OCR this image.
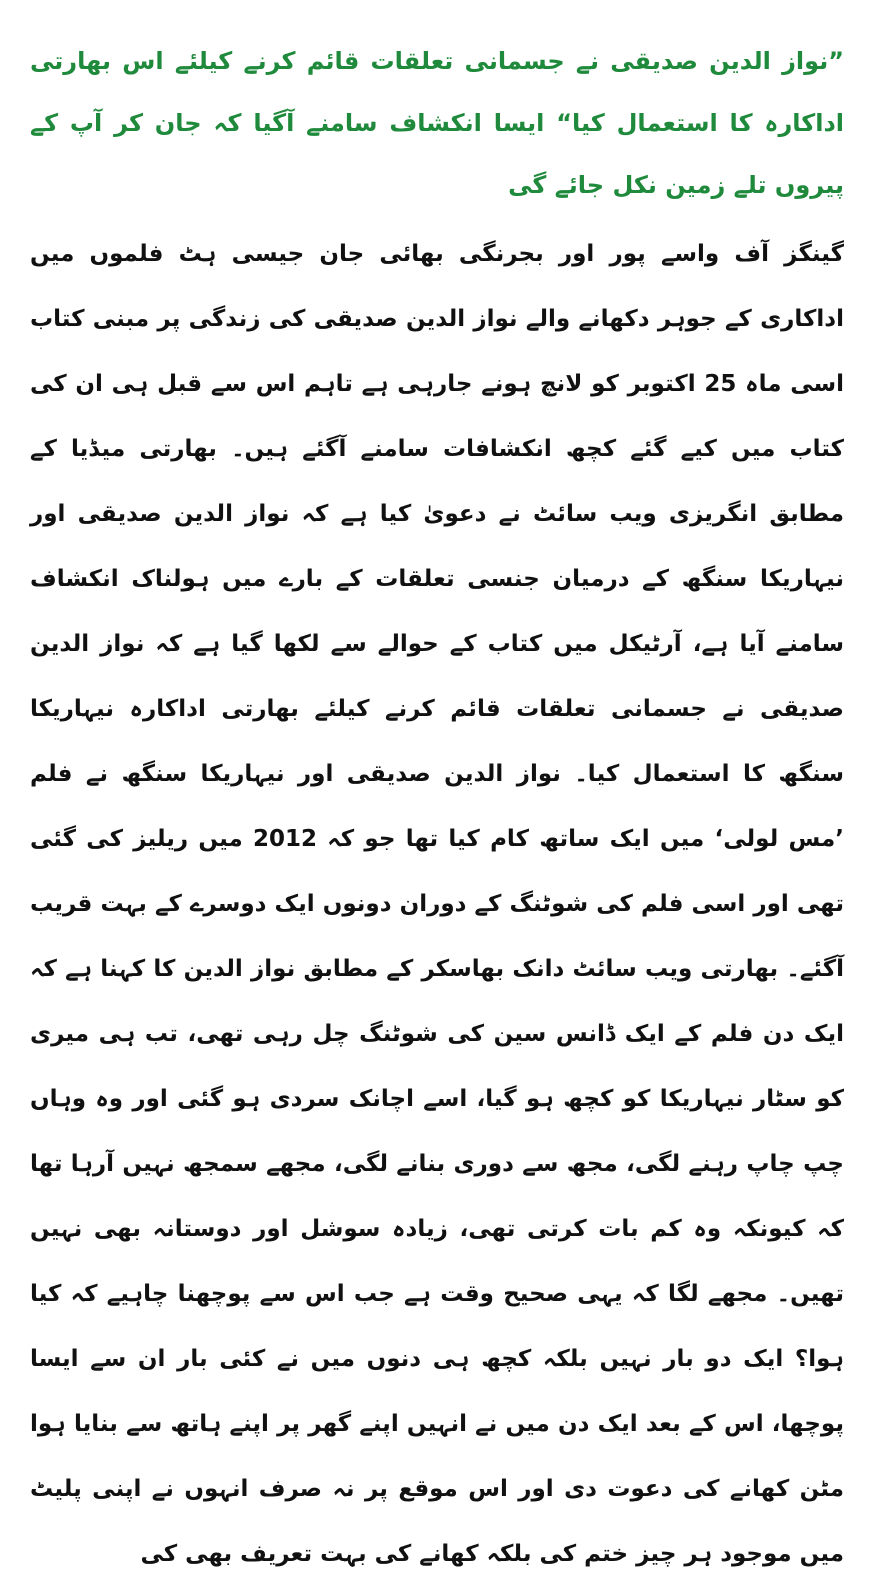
”نواز الدین صدیقی نے جسمانی تعلقات قائم کرنے کیلئے اس بھارتی اداکارہ کا استعمال کیا“ ایسا انکشاف سامنے آگیا کہ جان کر آپ کے پیروں تلے زمین نکل جائے گی

گینگز آف واسے پور اور بجرنگی بھائی جان جیسی ہٹ فلموں میں اداکاری کے جوہر دکھانے والے نواز الدین صدیقی کی زندگی پر مبنی کتاب اسی ماہ 25 اکتوبر کو لانچ ہونے جارہی ہے تاہم اس سے قبل ہی ان کی کتاب میں کیے گئے کچھ انکشافات سامنے آگئے ہیں۔ بھارتی میڈیا کے مطابق انگریزی ویب سائٹ نے دعویٰ کیا ہے کہ نواز الدین صدیقی اور نیہاریکا سنگھ کے درمیان جنسی تعلقات کے بارے میں ہولناک انکشاف سامنے آیا ہے، آرٹیکل میں کتاب کے حوالے سے لکھا گیا ہے کہ نواز الدین صدیقی نے جسمانی تعلقات قائم کرنے کیلئے بھارتی اداکارہ نیہاریکا سنگھ کا استعمال کیا۔ نواز الدین صدیقی اور نیہاریکا سنگھ نے فلم ’مس لولی‘ میں ایک ساتھ کام کیا تھا جو کہ 2012 میں ریلیز کی گئی تھی اور اسی فلم کی شوٹنگ کے دوران دونوں ایک دوسرے کے بہت قریب آگئے۔ بھارتی ویب سائٹ دانک بھاسکر کے مطابق نواز الدین کا کہنا ہے کہ ایک دن فلم کے ایک ڈانس سین کی شوٹنگ چل رہی تھی، تب ہی میری کو سٹار نیہاریکا کو کچھ ہو گیا، اسے اچانک سردی ہو گئی اور وہ وہاں چپ چاپ رہنے لگی، مجھ سے دوری بنانے لگی، مجھے سمجھ نہیں آرہا تھا کہ کیونکہ وہ کم بات کرتی تھی، زیادہ سوشل اور دوستانہ بھی نہیں تھیں۔ مجھے لگا کہ یہی صحیح وقت ہے جب اس سے پوچھنا چاہیے کہ کیا ہوا؟ ایک دو بار نہیں بلکہ کچھ ہی دنوں میں نے کئی بار ان سے ایسا پوچھا، اس کے بعد ایک دن میں نے انہیں اپنے گھر پر اپنے ہاتھ سے بنایا ہوا مٹن کھانے کی دعوت دی اور اس موقع پر نہ صرف انہوں نے اپنی پلیٹ میں موجود ہر چیز ختم کی بلکہ کھانے کی بہت تعریف بھی کی
